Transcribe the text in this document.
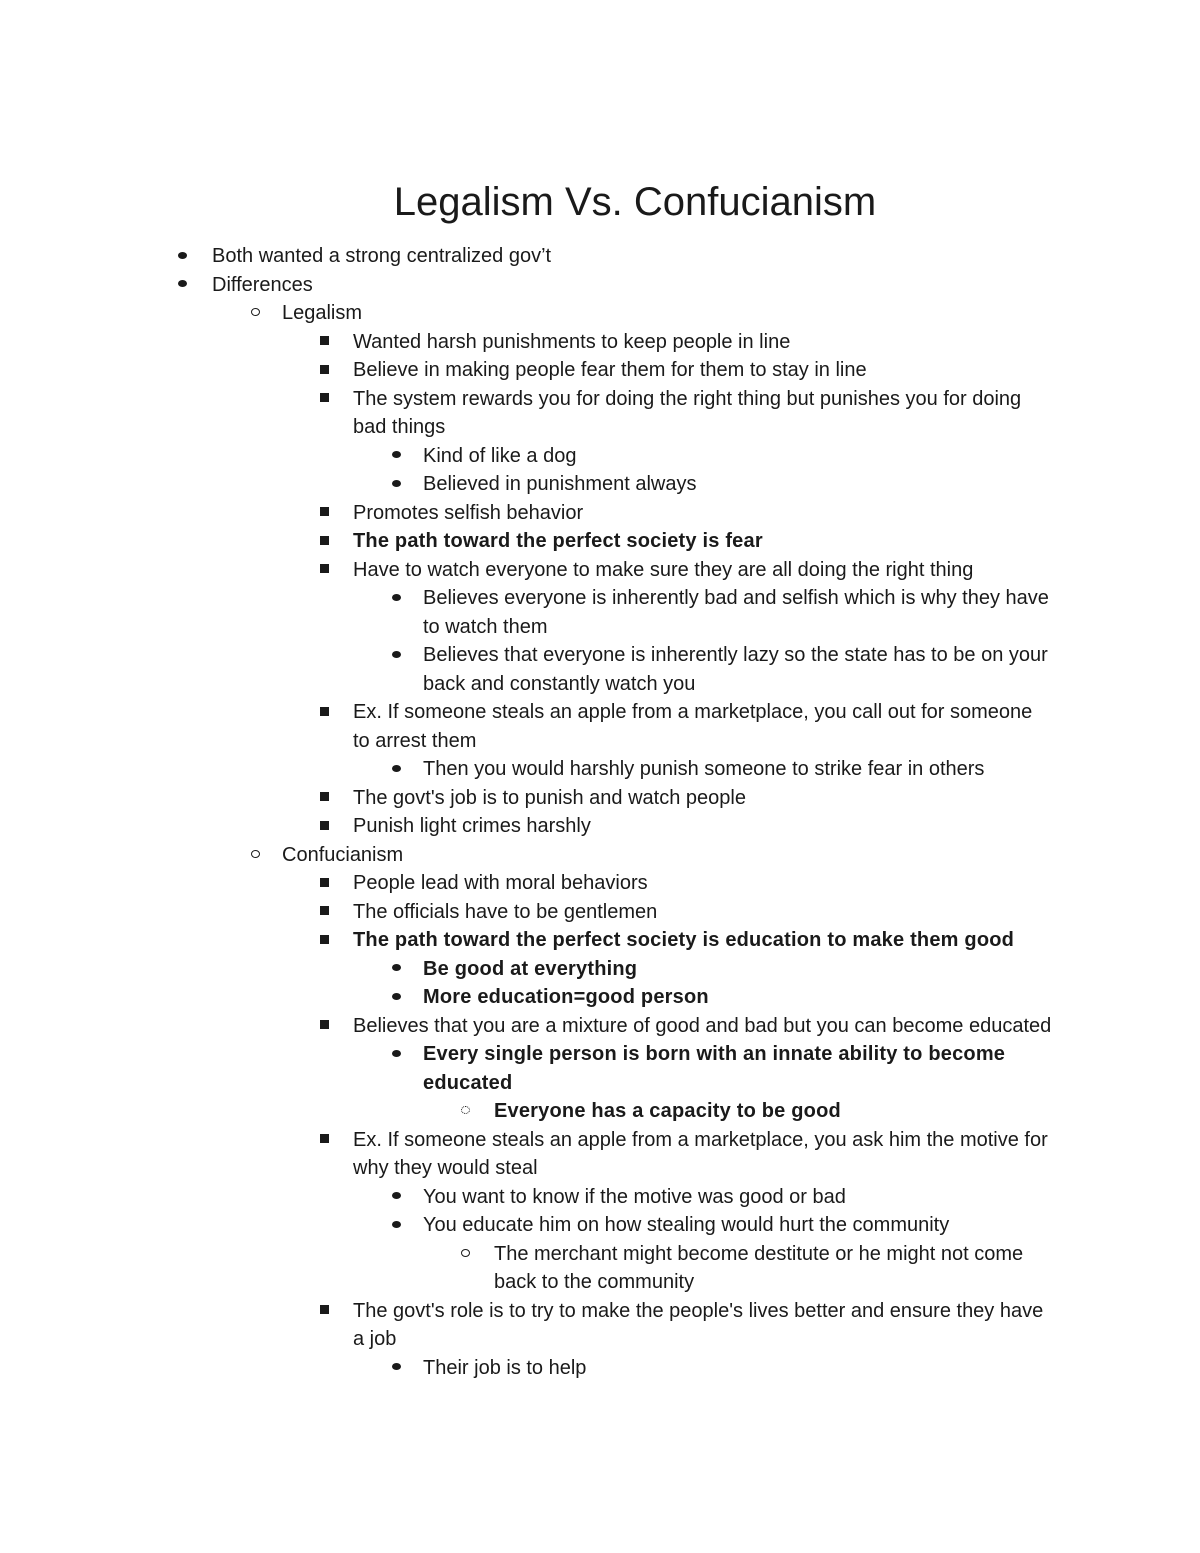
Legalism Vs. Confucianism
Both wanted a strong centralized gov’t
Differences
Legalism
Wanted harsh punishments to keep people in line
Believe in making people fear them for them to stay in line
The system rewards you for doing the right thing but punishes you for doing bad things
Kind of like a dog
Believed in punishment always
Promotes selfish behavior
The path toward the perfect society is fear
Have to watch everyone to make sure they are all doing the right thing
Believes everyone is inherently bad and selfish which is why they have to watch them
Believes that everyone is inherently lazy so the state has to be on your back and constantly watch you
Ex. If someone steals an apple from a marketplace, you call out for someone to arrest them
Then you would harshly punish someone to strike fear in others
The govt's job is to punish and watch people
Punish light crimes harshly
Confucianism
People lead with moral behaviors
The officials have to be gentlemen
The path toward the perfect society is education to make them good
Be good at everything
More education=good person
Believes that you are a mixture of good and bad but you can become educated
Every single person is born with an innate ability to become educated
Everyone has a capacity to be good
Ex. If someone steals an apple from a marketplace, you ask him the motive for why they would steal
You want to know if the motive was good or bad
You educate him on how stealing would hurt the community
The merchant might become destitute or he might not come back to the community
The govt's role is to try to make the people's lives better and ensure they have a job
Their job is to help
